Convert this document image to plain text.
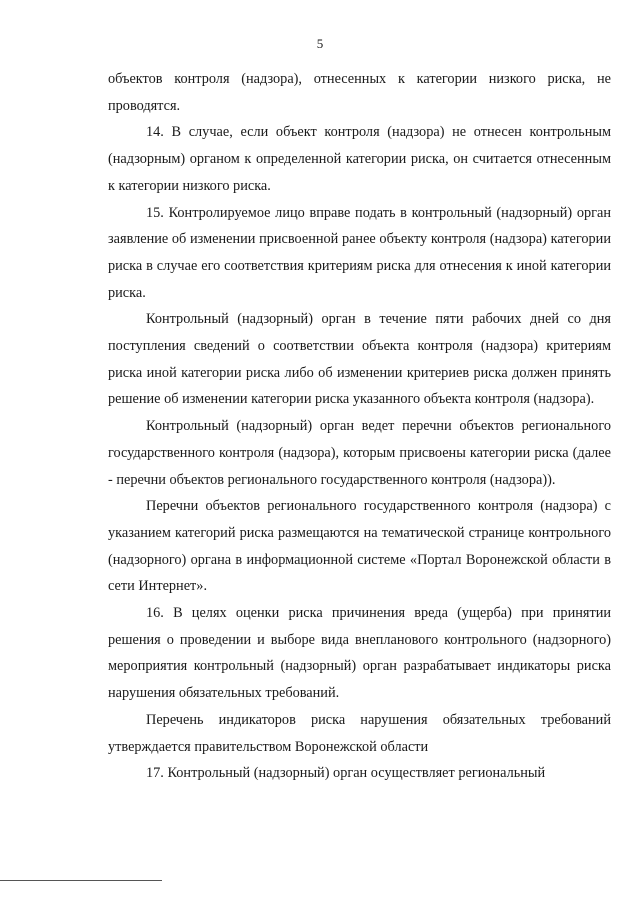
5

объектов контроля (надзора), отнесенных к категории низкого риска, не проводятся.

14. В случае, если объект контроля (надзора) не отнесен контрольным (надзорным) органом к определенной категории риска, он считается отнесенным к категории низкого риска.

15. Контролируемое лицо вправе подать в контрольный (надзорный) орган заявление об изменении присвоенной ранее объекту контроля (надзора) категории риска в случае его соответствия критериям риска для отнесения к иной категории риска.

Контрольный (надзорный) орган в течение пяти рабочих дней со дня поступления сведений о соответствии объекта контроля (надзора) критериям риска иной категории риска либо об изменении критериев риска должен принять решение об изменении категории риска указанного объекта контроля (надзора).

Контрольный (надзорный) орган ведет перечни объектов регионального государственного контроля (надзора), которым присвоены категории риска (далее - перечни объектов регионального государственного контроля (надзора)).

Перечни объектов регионального государственного контроля (надзора) с указанием категорий риска размещаются на тематической странице контрольного (надзорного) органа в информационной системе «Портал Воронежской области в сети Интернет».

16. В целях оценки риска причинения вреда (ущерба) при принятии решения о проведении и выборе вида внепланового контрольного (надзорного) мероприятия контрольный (надзорный) орган разрабатывает индикаторы риска нарушения обязательных требований.

Перечень индикаторов риска нарушения обязательных требований утверждается правительством Воронежской области

17. Контрольный (надзорный) орган осуществляет региональный
